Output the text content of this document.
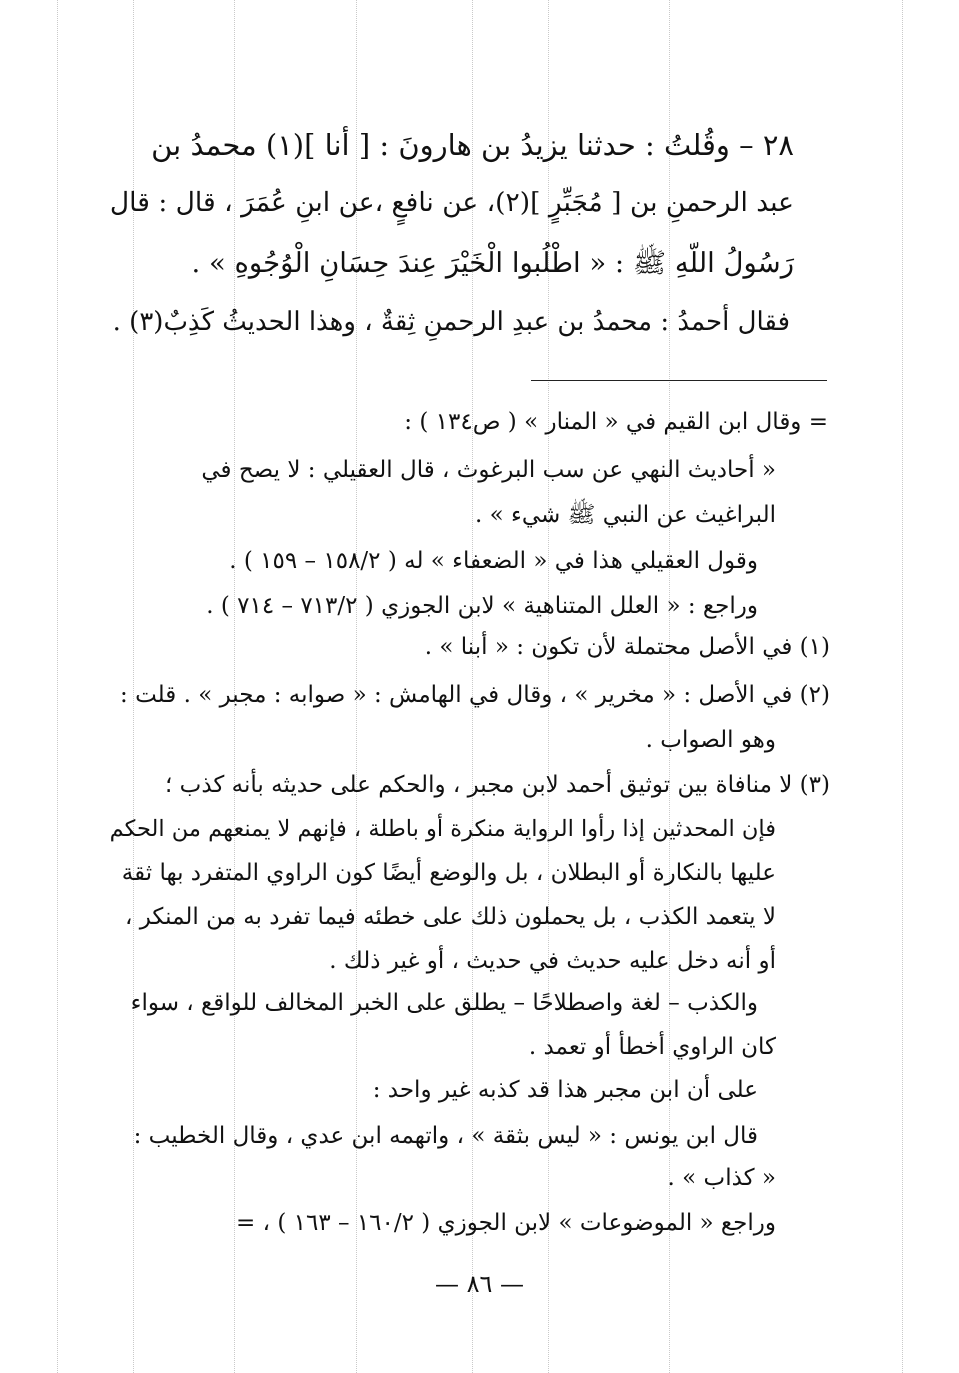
٢٨ – وقُلتُ : حدثنا يزيدُ بن هارونَ : [ أنا ](١) محمدُ بن
عبد الرحمنِ بن [ مُجَبِّرٍ ](٢)، عن نافعٍ ،عن ابنِ عُمَرَ ، قال : قال
رَسُولُ اللّهِ ﷺ : « اطْلُبوا الْخَيْرَ عِندَ حِسَانِ الْوُجُوهِ » .
فقال أحمدُ : محمدُ بن عبدِ الرحمنِ ثِقةٌ ، وهذا الحديثُ كَذِبٌ(٣) .
= وقال ابن القيم في « المنار » ( ص١٣٤ ) :
« أحاديث النهي عن سب البرغوث ، قال العقيلي : لا يصح في
البراغيث عن النبي ﷺ شيء » .
وقول العقيلي هذا في « الضعفاء » له ( ١٥٨/٢ – ١٥٩ ) .
وراجع : « العلل المتناهية » لابن الجوزي ( ٧١٣/٢ – ٧١٤ ) .
(١) في الأصل محتملة لأن تكون : « أبنا » .
(٢) في الأصل : « مخرير » ، وقال في الهامش : « صوابه : مجبر » . قلت :
وهو الصواب .
(٣) لا منافاة بين توثيق أحمد لابن مجبر ، والحكم على حديثه بأنه كذب ؛
فإن المحدثين إذا رأوا الرواية منكرة أو باطلة ، فإنهم لا يمنعهم من الحكم
عليها بالنكارة أو البطلان ، بل والوضع أيضًا كون الراوي المتفرد بها ثقة
لا يتعمد الكذب ، بل يحملون ذلك على خطئه فيما تفرد به من المنكر ،
أو أنه دخل عليه حديث في حديث ، أو غير ذلك .
والكذب – لغة واصطلاحًا – يطلق على الخبر المخالف للواقع ، سواء
كان الراوي أخطأ أو تعمد .
على أن ابن مجبر هذا قد كذبه غير واحد :
قال ابن يونس : « ليس بثقة » ، واتهمه ابن عدي ، وقال الخطيب :
« كذاب » .
وراجع « الموضوعات » لابن الجوزي ( ١٦٠/٢ – ١٦٣ ) ، =
— ٨٦ —
